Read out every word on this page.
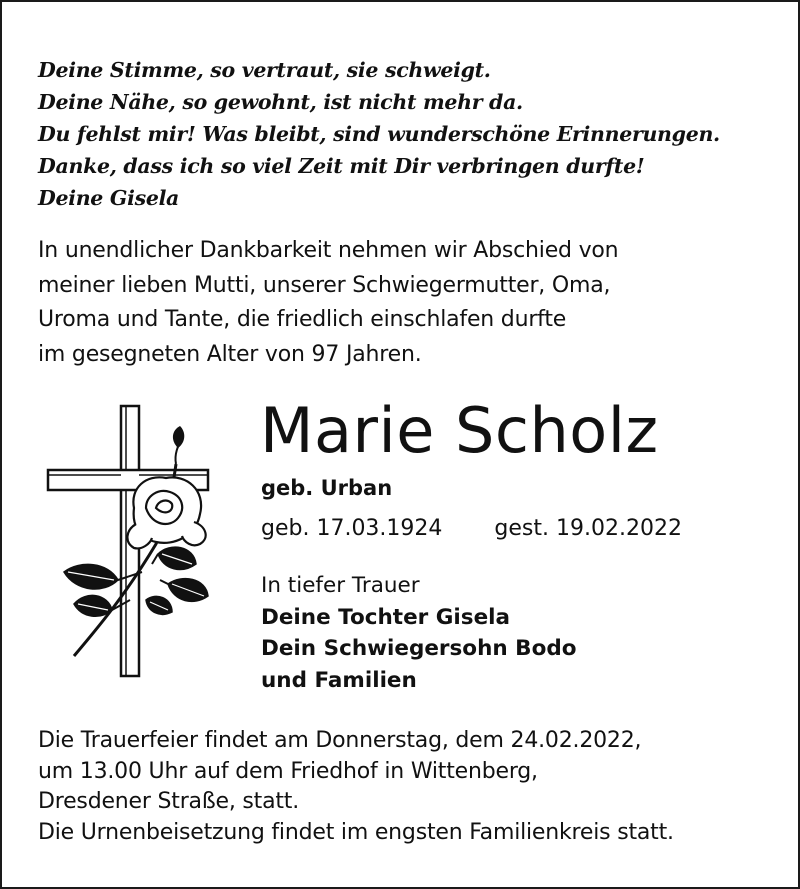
Deine Stimme, so vertraut, sie schweigt.
Deine Nähe, so gewohnt, ist nicht mehr da.
Du fehlst mir! Was bleibt, sind wunderschöne Erinnerungen.
Danke, dass ich so viel Zeit mit Dir verbringen durfte!
Deine Gisela
In unendlicher Dankbarkeit nehmen wir Abschied von
meiner lieben Mutti, unserer Schwiegermutter, Oma,
Uroma und Tante, die friedlich einschlafen durfte
im gesegneten Alter von 97 Jahren.
Marie Scholz
geb. Urban
geb. 17.03.1924 gest. 19.02.2022
In tiefer Trauer
Deine Tochter Gisela
Dein Schwiegersohn Bodo
und Familien
Die Trauerfeier findet am Donnerstag, dem 24.02.2022,
um 13.00 Uhr auf dem Friedhof in Wittenberg,
Dresdener Straße, statt.
Die Urnenbeisetzung findet im engsten Familienkreis statt.
